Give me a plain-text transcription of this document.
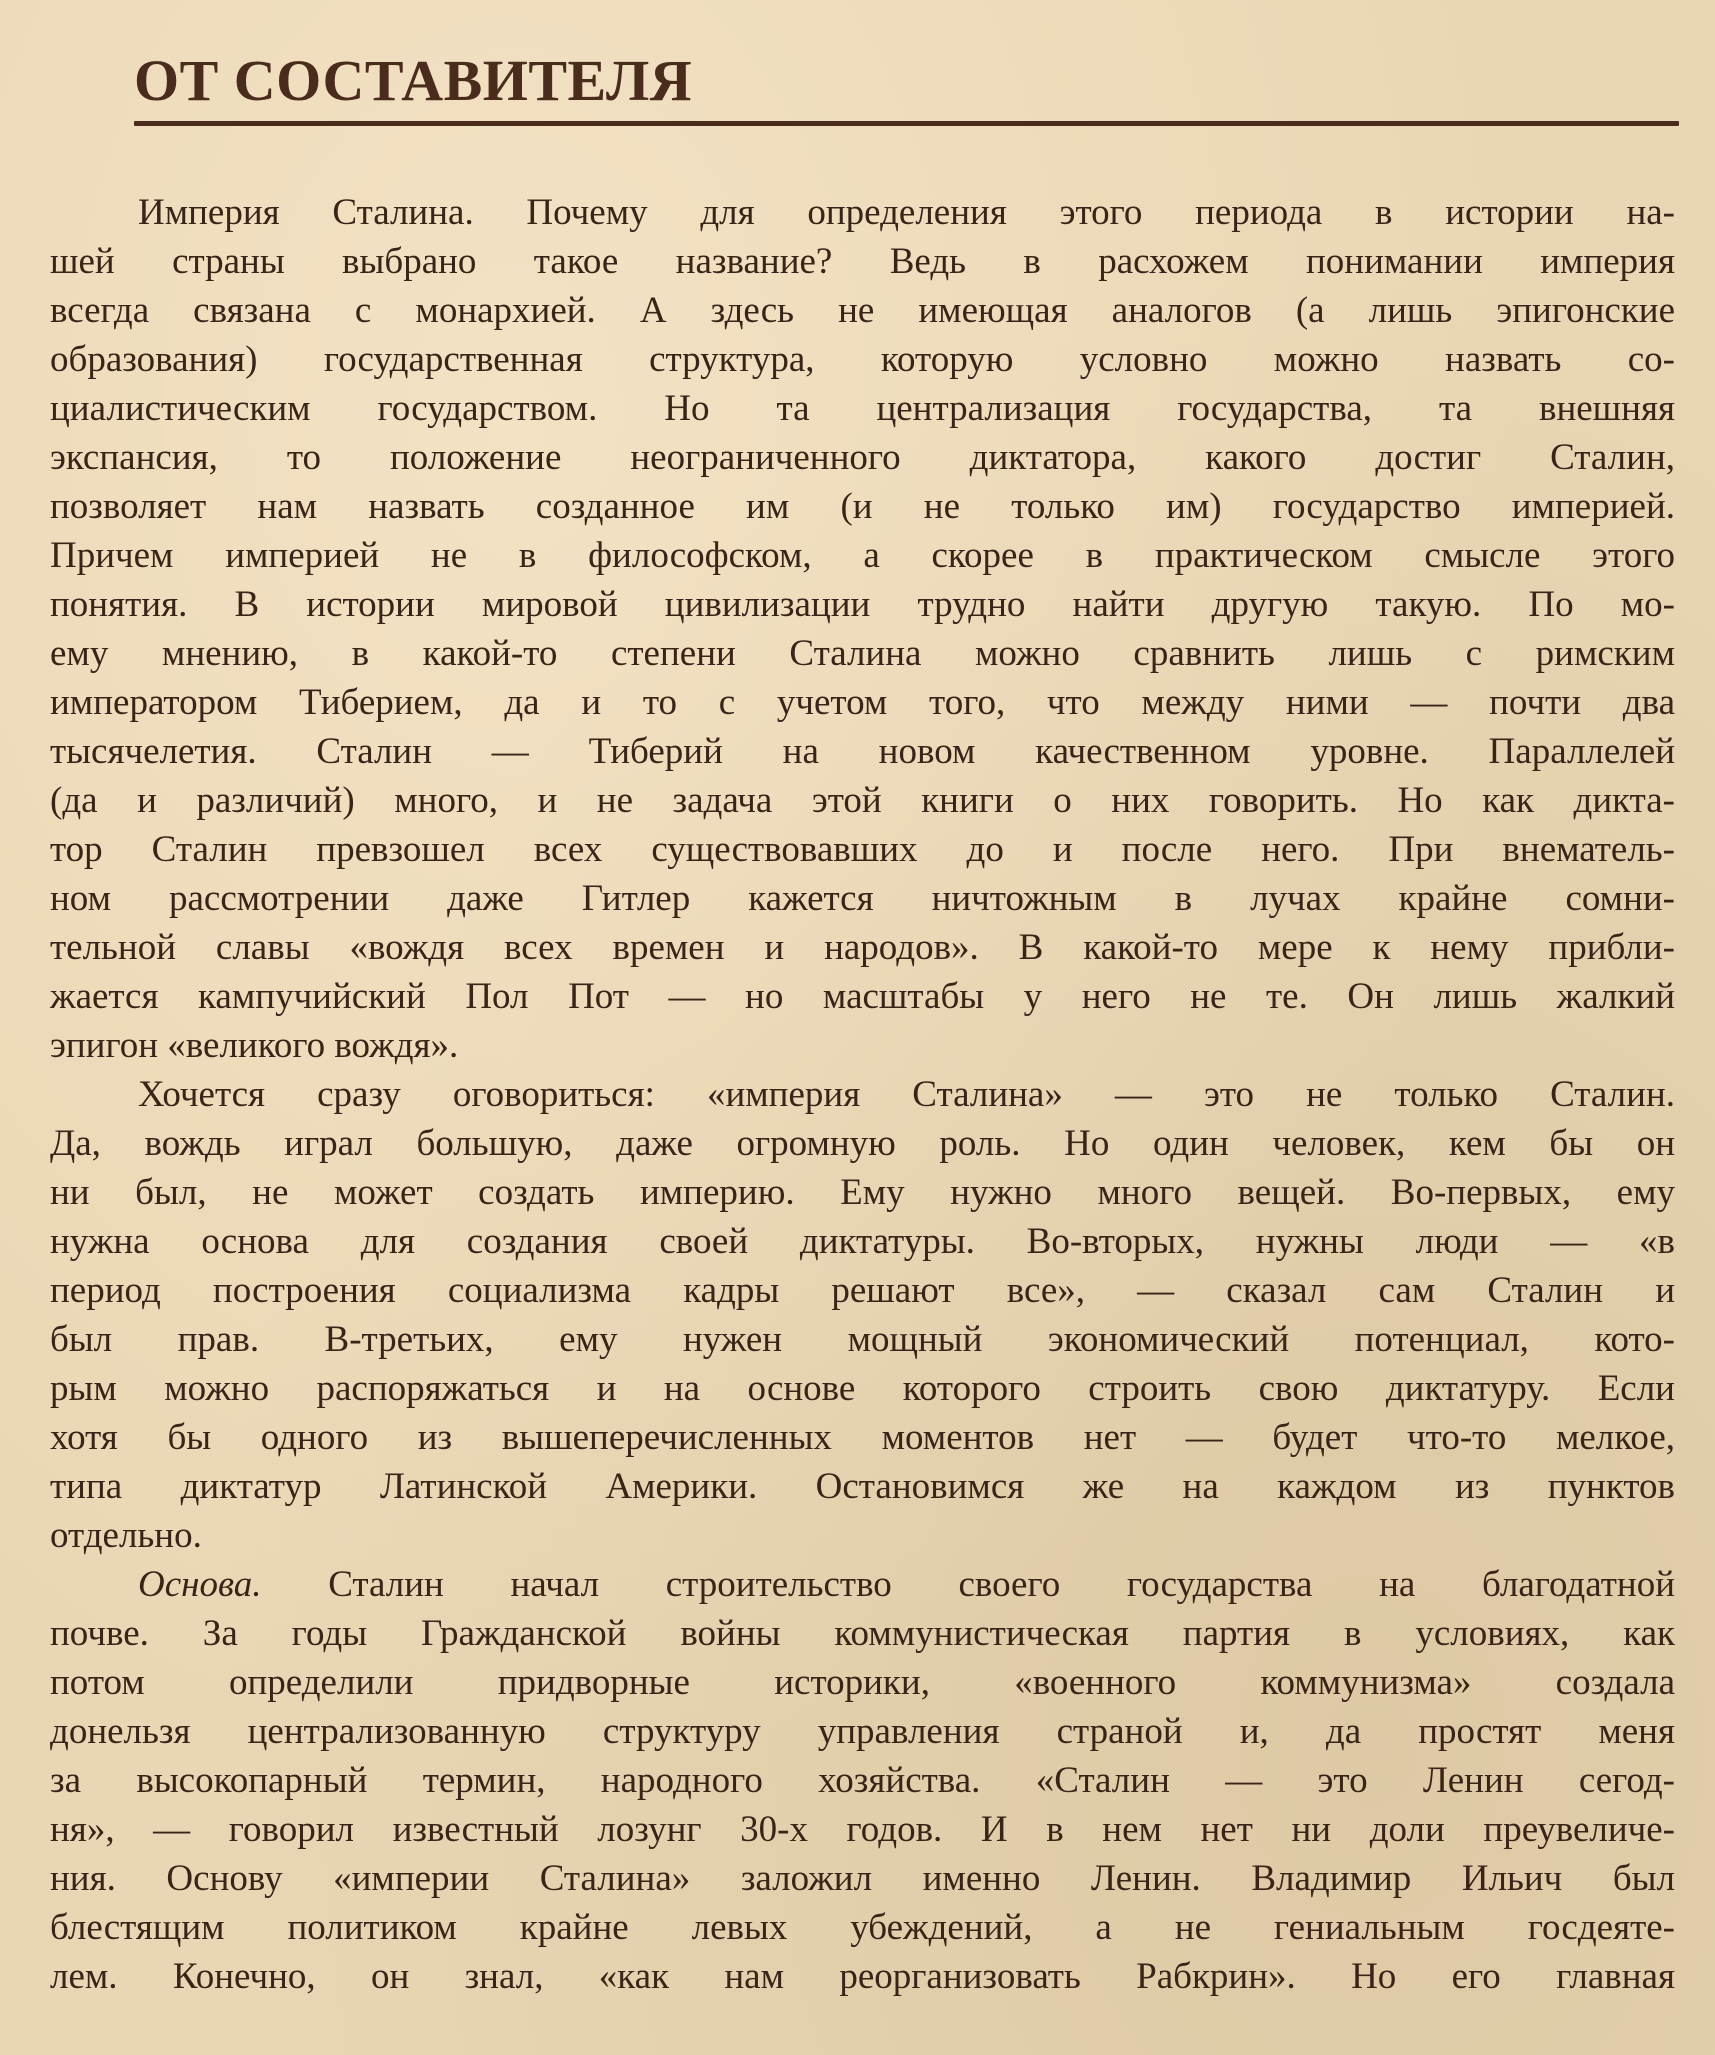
ОТ СОСТАВИТЕЛЯ
Империя Сталина. Почему для определения этого периода в истории на-
шей страны выбрано такое название? Ведь в расхожем понимании империя
всегда связана с монархией. А здесь не имеющая аналогов (а лишь эпигонские
образования) государственная структура, которую условно можно назвать со-
циалистическим государством. Но та централизация государства, та внешняя
экспансия, то положение неограниченного диктатора, какого достиг Сталин,
позволяет нам назвать созданное им (и не только им) государство империей.
Причем империей не в философском, а скорее в практическом смысле этого
понятия. В истории мировой цивилизации трудно найти другую такую. По мо-
ему мнению, в какой-то степени Сталина можно сравнить лишь с римским
императором Тиберием, да и то с учетом того, что между ними — почти два
тысячелетия. Сталин — Тиберий на новом качественном уровне. Параллелей
(да и различий) много, и не задача этой книги о них говорить. Но как дикта-
тор Сталин превзошел всех существовавших до и после него. При внематель-
ном рассмотрении даже Гитлер кажется ничтожным в лучах крайне сомни-
тельной славы «вождя всех времен и народов». В какой-то мере к нему прибли-
жается кампучийский Пол Пот — но масштабы у него не те. Он лишь жалкий
эпигон «великого вождя».
Хочется сразу оговориться: «империя Сталина» — это не только Сталин.
Да, вождь играл большую, даже огромную роль. Но один человек, кем бы он
ни был, не может создать империю. Ему нужно много вещей. Во-первых, ему
нужна основа для создания своей диктатуры. Во-вторых, нужны люди — «в
период построения социализма кадры решают все», — сказал сам Сталин и
был прав. В-третьих, ему нужен мощный экономический потенциал, кото-
рым можно распоряжаться и на основе которого строить свою диктатуру. Если
хотя бы одного из вышеперечисленных моментов нет — будет что-то мелкое,
типа диктатур Латинской Америки. Остановимся же на каждом из пунктов
отдельно.
Основа. Сталин начал строительство своего государства на благодатной
почве. За годы Гражданской войны коммунистическая партия в условиях, как
потом определили придворные историки, «военного коммунизма» создала
донельзя централизованную структуру управления страной и, да простят меня
за высокопарный термин, народного хозяйства. «Сталин — это Ленин сегод-
ня», — говорил известный лозунг 30-х годов. И в нем нет ни доли преувеличе-
ния. Основу «империи Сталина» заложил именно Ленин. Владимир Ильич был
блестящим политиком крайне левых убеждений, а не гениальным госдеяте-
лем. Конечно, он знал, «как нам реорганизовать Рабкрин». Но его главная
